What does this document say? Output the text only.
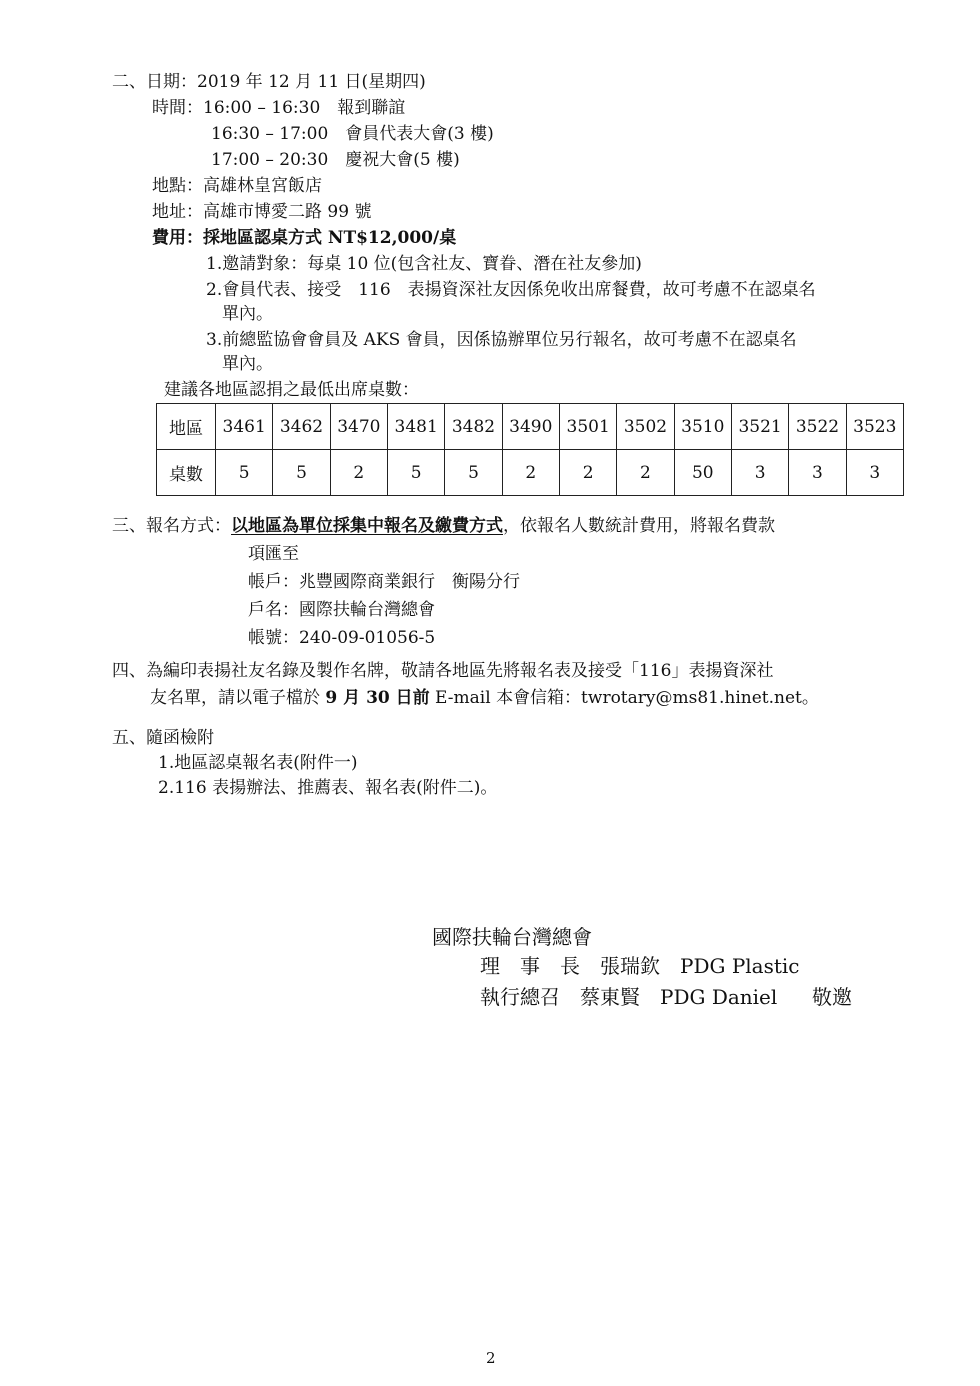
二、日期：2019 年 12 月 11 日(星期四)
時間：16:00 – 16:30　報到聯誼
16:30 – 17:00　會員代表大會(3 樓)
17:00 – 20:30　慶祝大會(5 樓)
地點：高雄林皇宮飯店
地址：高雄市博愛二路 99 號
費用：採地區認桌方式 NT$12,000/桌
1.邀請對象：每桌 10 位(包含社友、寶眷、潛在社友參加)
2.會員代表、接受　116　表揚資深社友因係免收出席餐費，故可考慮不在認桌名
單內。
3.前總監協會會員及 AKS 會員，因係協辦單位另行報名，故可考慮不在認桌名
單內。
建議各地區認捐之最低出席桌數：
地區	3461	3462	3470	3481	3482	3490	3501	3502	3510	3521	3522	3523
桌數	5	5	2	5	5	2	2	2	50	3	3	3
三、報名方式：以地區為單位採集中報名及繳費方式，依報名人數統計費用，將報名費款
項匯至
帳戶：兆豐國際商業銀行　衡陽分行
戶名：國際扶輪台灣總會
帳號：240-09-01056-5
四、為編印表揚社友名錄及製作名牌，敬請各地區先將報名表及接受「116」表揚資深社
友名單，請以電子檔於 9 月 30 日前 E-mail 本會信箱：twrotary@ms81.hinet.net。
五、隨函檢附
1.地區認桌報名表(附件一)
2.116 表揚辦法、推薦表、報名表(附件二)。
國際扶輪台灣總會
理　事　長　張瑞欽　PDG Plastic
執行總召　蔡東賢　PDG Daniel 敬邀
2
